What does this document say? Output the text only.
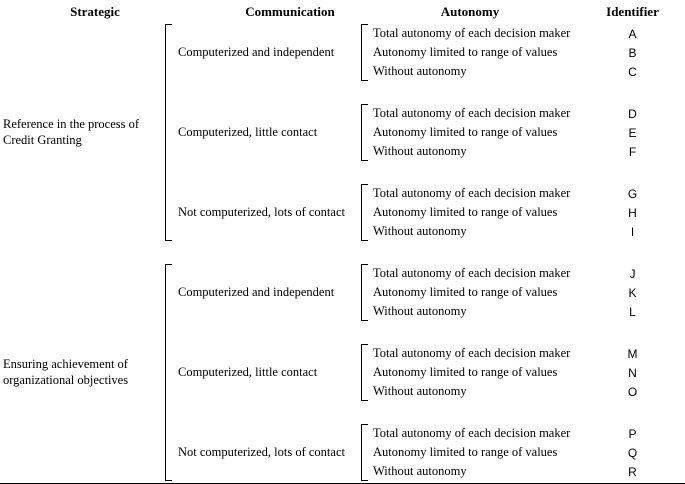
Strategic	Communication	Autonomy	Identifier
Reference in the process of Credit Granting
Computerized and independent
Total autonomy of each decision maker	A
Autonomy limited to range of values	B
Without autonomy	C
Computerized, little contact
Total autonomy of each decision maker	D
Autonomy limited to range of values	E
Without autonomy	F
Not computerized, lots of contact
Total autonomy of each decision maker	G
Autonomy limited to range of values	H
Without autonomy	I
Ensuring achievement of organizational objectives
Computerized and independent
Total autonomy of each decision maker	J
Autonomy limited to range of values	K
Without autonomy	L
Computerized, little contact
Total autonomy of each decision maker	M
Autonomy limited to range of values	N
Without autonomy	O
Not computerized, lots of contact
Total autonomy of each decision maker	P
Autonomy limited to range of values	Q
Without autonomy	R
